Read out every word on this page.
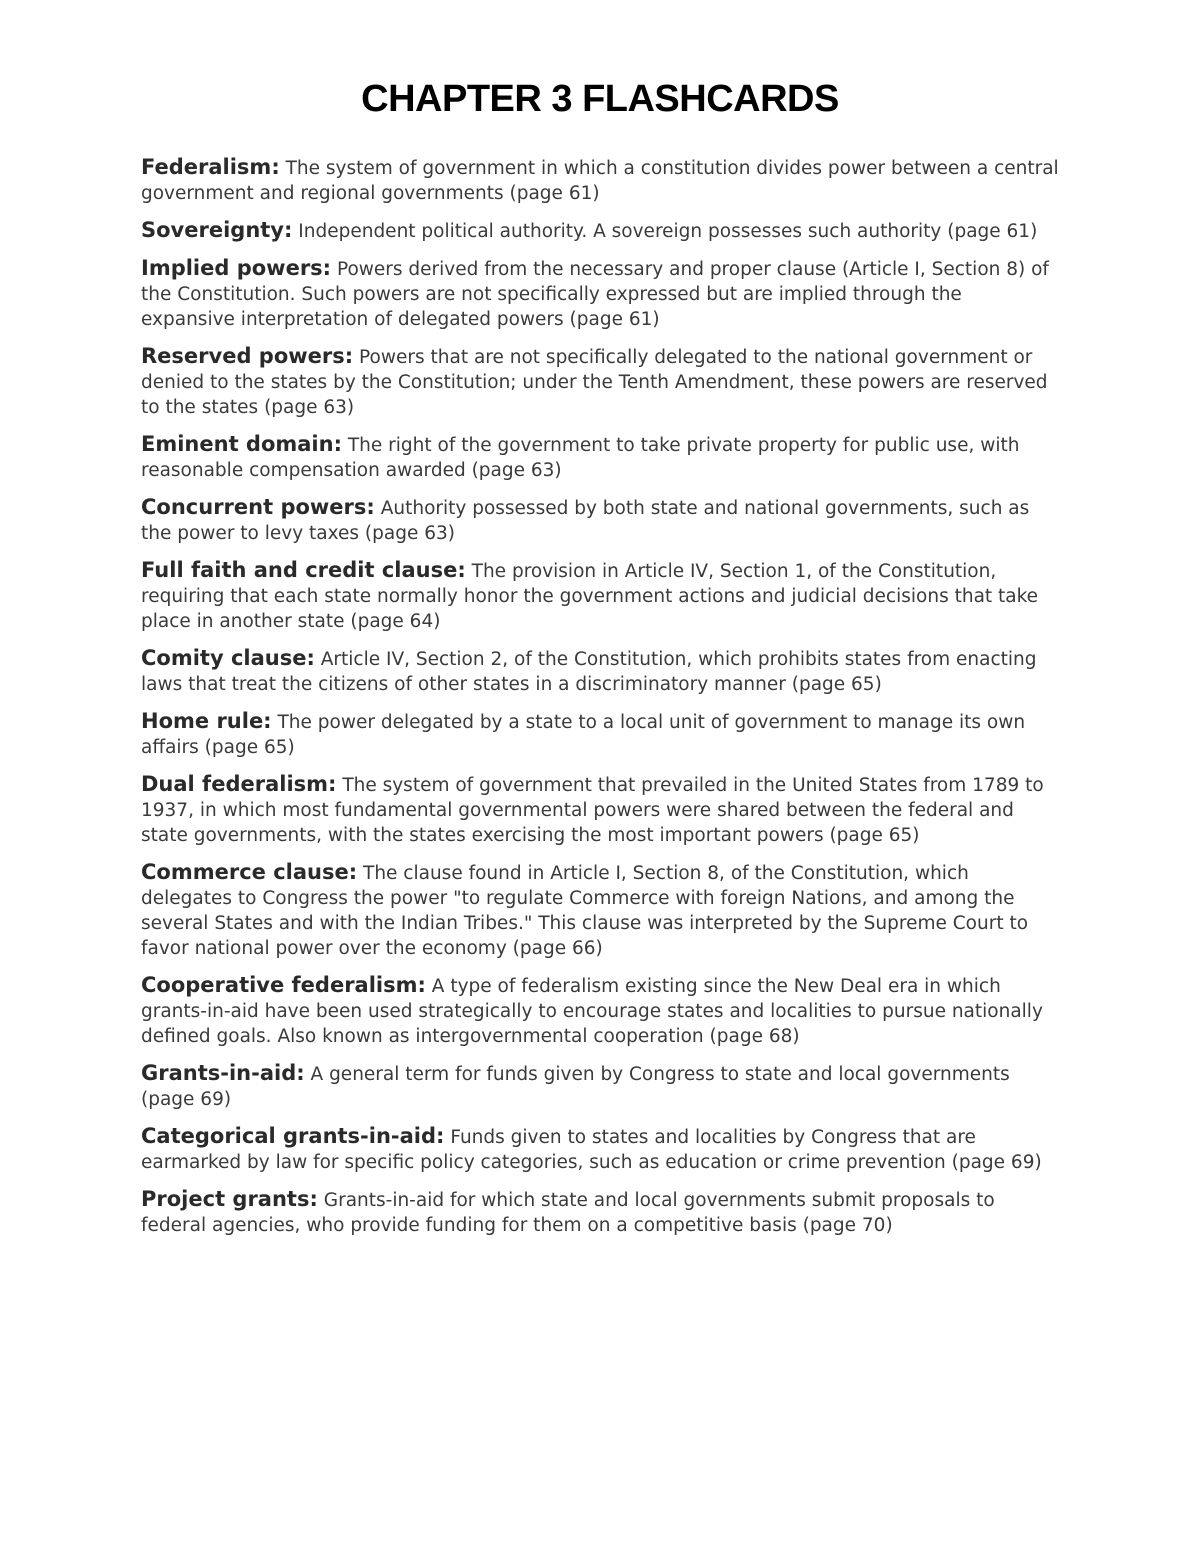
CHAPTER 3 FLASHCARDS

Federalism: The system of government in which a constitution divides power between a central government and regional governments (page 61)

Sovereignty: Independent political authority. A sovereign possesses such authority (page 61)

Implied powers: Powers derived from the necessary and proper clause (Article I, Section 8) of the Constitution. Such powers are not specifically expressed but are implied through the expansive interpretation of delegated powers (page 61)

Reserved powers: Powers that are not specifically delegated to the national government or denied to the states by the Constitution; under the Tenth Amendment, these powers are reserved to the states (page 63)

Eminent domain: The right of the government to take private property for public use, with reasonable compensation awarded (page 63)

Concurrent powers: Authority possessed by both state and national governments, such as the power to levy taxes (page 63)

Full faith and credit clause: The provision in Article IV, Section 1, of the Constitution, requiring that each state normally honor the government actions and judicial decisions that take place in another state (page 64)

Comity clause: Article IV, Section 2, of the Constitution, which prohibits states from enacting laws that treat the citizens of other states in a discriminatory manner (page 65)

Home rule: The power delegated by a state to a local unit of government to manage its own affairs (page 65)

Dual federalism: The system of government that prevailed in the United States from 1789 to 1937, in which most fundamental governmental powers were shared between the federal and state governments, with the states exercising the most important powers (page 65)

Commerce clause: The clause found in Article I, Section 8, of the Constitution, which delegates to Congress the power "to regulate Commerce with foreign Nations, and among the several States and with the Indian Tribes." This clause was interpreted by the Supreme Court to favor national power over the economy (page 66)

Cooperative federalism: A type of federalism existing since the New Deal era in which grants-in-aid have been used strategically to encourage states and localities to pursue nationally defined goals. Also known as intergovernmental cooperation (page 68)

Grants-in-aid: A general term for funds given by Congress to state and local governments (page 69)

Categorical grants-in-aid: Funds given to states and localities by Congress that are earmarked by law for specific policy categories, such as education or crime prevention (page 69)

Project grants: Grants-in-aid for which state and local governments submit proposals to federal agencies, who provide funding for them on a competitive basis (page 70)
